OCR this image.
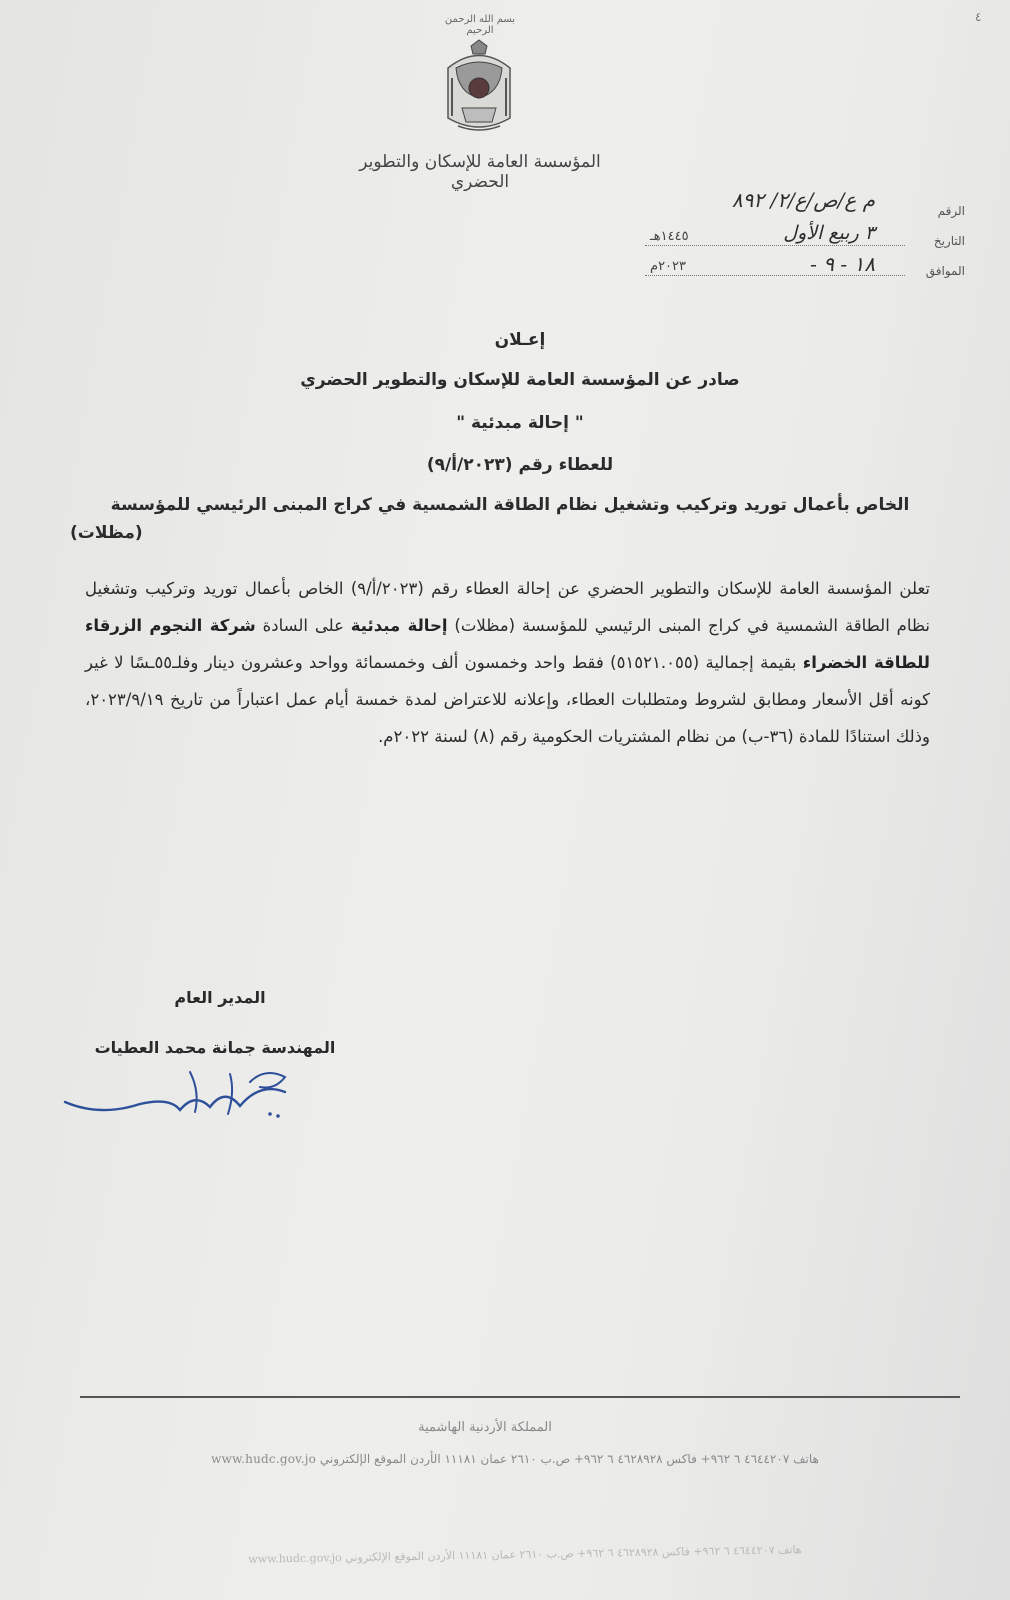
٤
بسم الله الرحمن الرحيم
المؤسسة العامة للإسكان والتطوير الحضري
الرقم
م ع/ص/ع/٢/ ٨٩٢
التاريخ
٣ ربيع الأول
١٤٤٥هـ
الموافق
١٨ - ٩ -
٢٠٢٣م

إعـلان

صادر عن المؤسسة العامة للإسكان والتطوير الحضري

" إحالة مبدئية "

للعطاء رقم (٢٠٢٣/أ/٩)

الخاص بأعمال توريد وتركيب وتشغيل نظام الطاقة الشمسية في كراج المبنى الرئيسي للمؤسسة

(مظلات)

تعلن المؤسسة العامة للإسكان والتطوير الحضري عن إحالة العطاء رقم (٢٠٢٣/أ/٩) الخاص بأعمال توريد وتركيب وتشغيل نظام الطاقة الشمسية في كراج المبنى الرئيسي للمؤسسة (مظلات) إحالة مبدئية على السادة شركة النجوم الزرقاء للطاقة الخضراء بقيمة إجمالية (٥١٥٢١.٠٥٥) فقط واحد وخمسون ألف وخمسمائة وواحد وعشرون دينار وفلـ٥٥ـسًا لا غير كونه أقل الأسعار ومطابق لشروط ومتطلبات العطاء، وإعلانه للاعتراض لمدة خمسة أيام عمل اعتباراً من تاريخ ٢٠٢٣/٩/١٩، وذلك استنادًا للمادة (٣٦-ب) من نظام المشتريات الحكومية رقم (٨) لسنة ٢٠٢٢م.
المدير العام
المهندسة جمانة محمد العطيات
المملكة الأردنية الهاشمية
هاتف ٤٦٤٤٢٠٧ ٦ ٩٦٢+ فاكس ٤٦٢٨٩٢٨ ٦ ٩٦٢+ ص.ب ٢٦١٠ عمان ١١١٨١ الأردن الموقع الإلكتروني www.hudc.gov.jo
هاتف ٤٦٤٤٢٠٧ ٦ ٩٦٢+ فاكس ٤٦٢٨٩٢٨ ٦ ٩٦٢+ ص.ب ٢٦١٠ عمان ١١١٨١ الأردن الموقع الإلكتروني www.hudc.gov.jo
